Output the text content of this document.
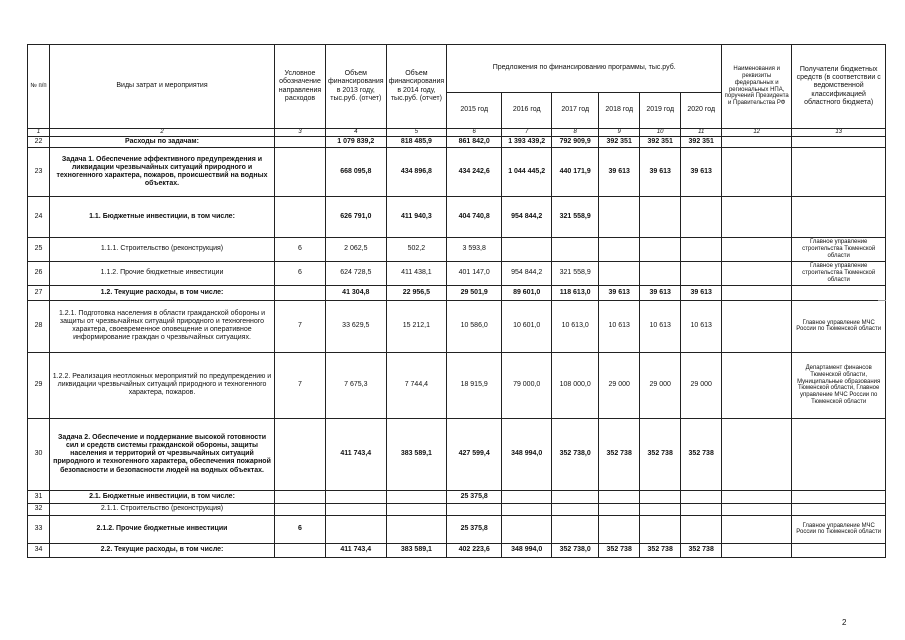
№ п/п	Виды затрат и мероприятия	Условное обозначение направления расходов	Объем финансирования в 2013 году, тыс.руб. (отчет)	Объем финансирования в 2014 году, тыс.руб. (отчет)	Предложения по финансированию программы, тыс.руб.						Наименования и реквизиты федеральных и региональных НПА, поручений Президента и Правительства РФ	Получатели бюджетных средств (в соответствии с ведомственной классификацией областного бюджета)
					2015 год	2016 год	2017 год	2018 год	2019 год	2020 год		
1	2	3	4	5	6	7	8	9	10	11	12	13
22	Расходы по задачам:		1 079 839,2	818 485,9	861 842,0	1 393 439,2	792 909,9	392 351	392 351	392 351		
23	Задача 1. Обеспечение эффективного предупреждения и ликвидации чрезвычайных ситуаций природного и техногенного характера, пожаров, происшествий на водных объектах.		668 095,8	434 896,8	434 242,6	1 044 445,2	440 171,9	39 613	39 613	39 613		
24	1.1. Бюджетные инвестиции, в том числе:		626 791,0	411 940,3	404 740,8	954 844,2	321 558,9					
25	1.1.1. Строительство (реконструкция)	6	2 062,5	502,2	3 593,8							Главное управление строительства Тюменской области
26	1.1.2. Прочие бюджетные инвестиции	6	624 728,5	411 438,1	401 147,0	954 844,2	321 558,9					Главное управление строительства Тюменской области
27	1.2. Текущие расходы, в том числе:		41 304,8	22 956,5	29 501,9	89 601,0	118 613,0	39 613	39 613	39 613		
28	1.2.1. Подготовка населения в области гражданской обороны и защиты от чрезвычайных ситуаций природного и техногенного характера, своевременное оповещение и оперативное информирование граждан о чрезвычайных ситуациях.	7	33 629,5	15 212,1	10 586,0	10 601,0	10 613,0	10 613	10 613	10 613		Главное управление МЧС России по Тюменской области
29	1.2.2. Реализация неотложных мероприятий по предупреждению и ликвидации чрезвычайных ситуаций природного и техногенного характера, пожаров.	7	7 675,3	7 744,4	18 915,9	79 000,0	108 000,0	29 000	29 000	29 000		Департамент финансов Тюменской области, Муниципальные образования Тюменской области, Главное управление МЧС России по Тюменской области
30	Задача 2. Обеспечение и поддержание высокой готовности сил и средств системы гражданской обороны, защиты населения и территорий от чрезвычайных ситуаций природного и техногенного характера, обеспечения пожарной безопасности и безопасности людей на водных объектах.		411 743,4	383 589,1	427 599,4	348 994,0	352 738,0	352 738	352 738	352 738		
31	2.1. Бюджетные инвестиции, в том числе:				25 375,8							
32	2.1.1. Строительство (реконструкция)											
33	2.1.2. Прочие бюджетные инвестиции	6			25 375,8							Главное управление МЧС России по Тюменской области
34	2.2. Текущие расходы, в том числе:		411 743,4	383 589,1	402 223,6	348 994,0	352 738,0	352 738	352 738	352 738		
2
